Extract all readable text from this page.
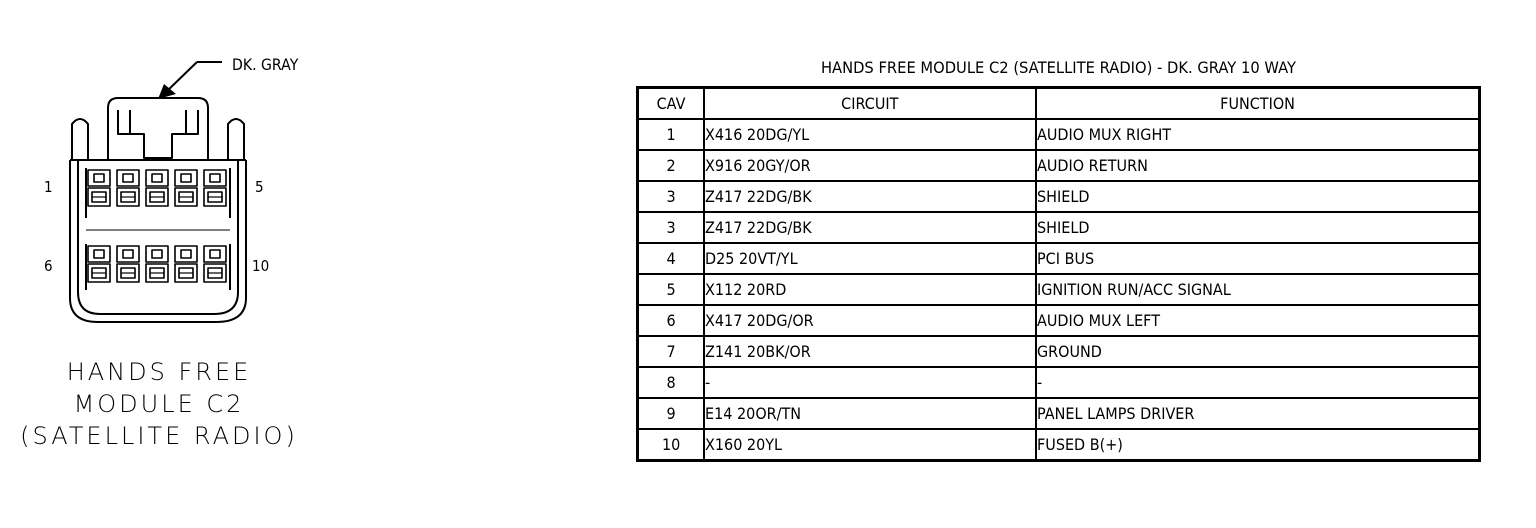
1	5
6	10
DK. GRAY
HANDS FREE
MODULE C2
(SATELLITE RADIO)
HANDS FREE MODULE C2 (SATELLITE RADIO) - DK. GRAY 10 WAY
CAV	CIRCUIT	FUNCTION
1	X416 20DG/YL	AUDIO MUX RIGHT
2	X916 20GY/OR	AUDIO RETURN
3	Z417 22DG/BK	SHIELD
3	Z417 22DG/BK	SHIELD
4	D25 20VT/YL	PCI BUS
5	X112 20RD	IGNITION RUN/ACC SIGNAL
6	X417 20DG/OR	AUDIO MUX LEFT
7	Z141 20BK/OR	GROUND
8	-	-
9	E14 20OR/TN	PANEL LAMPS DRIVER
10	X160 20YL	FUSED B(+)
